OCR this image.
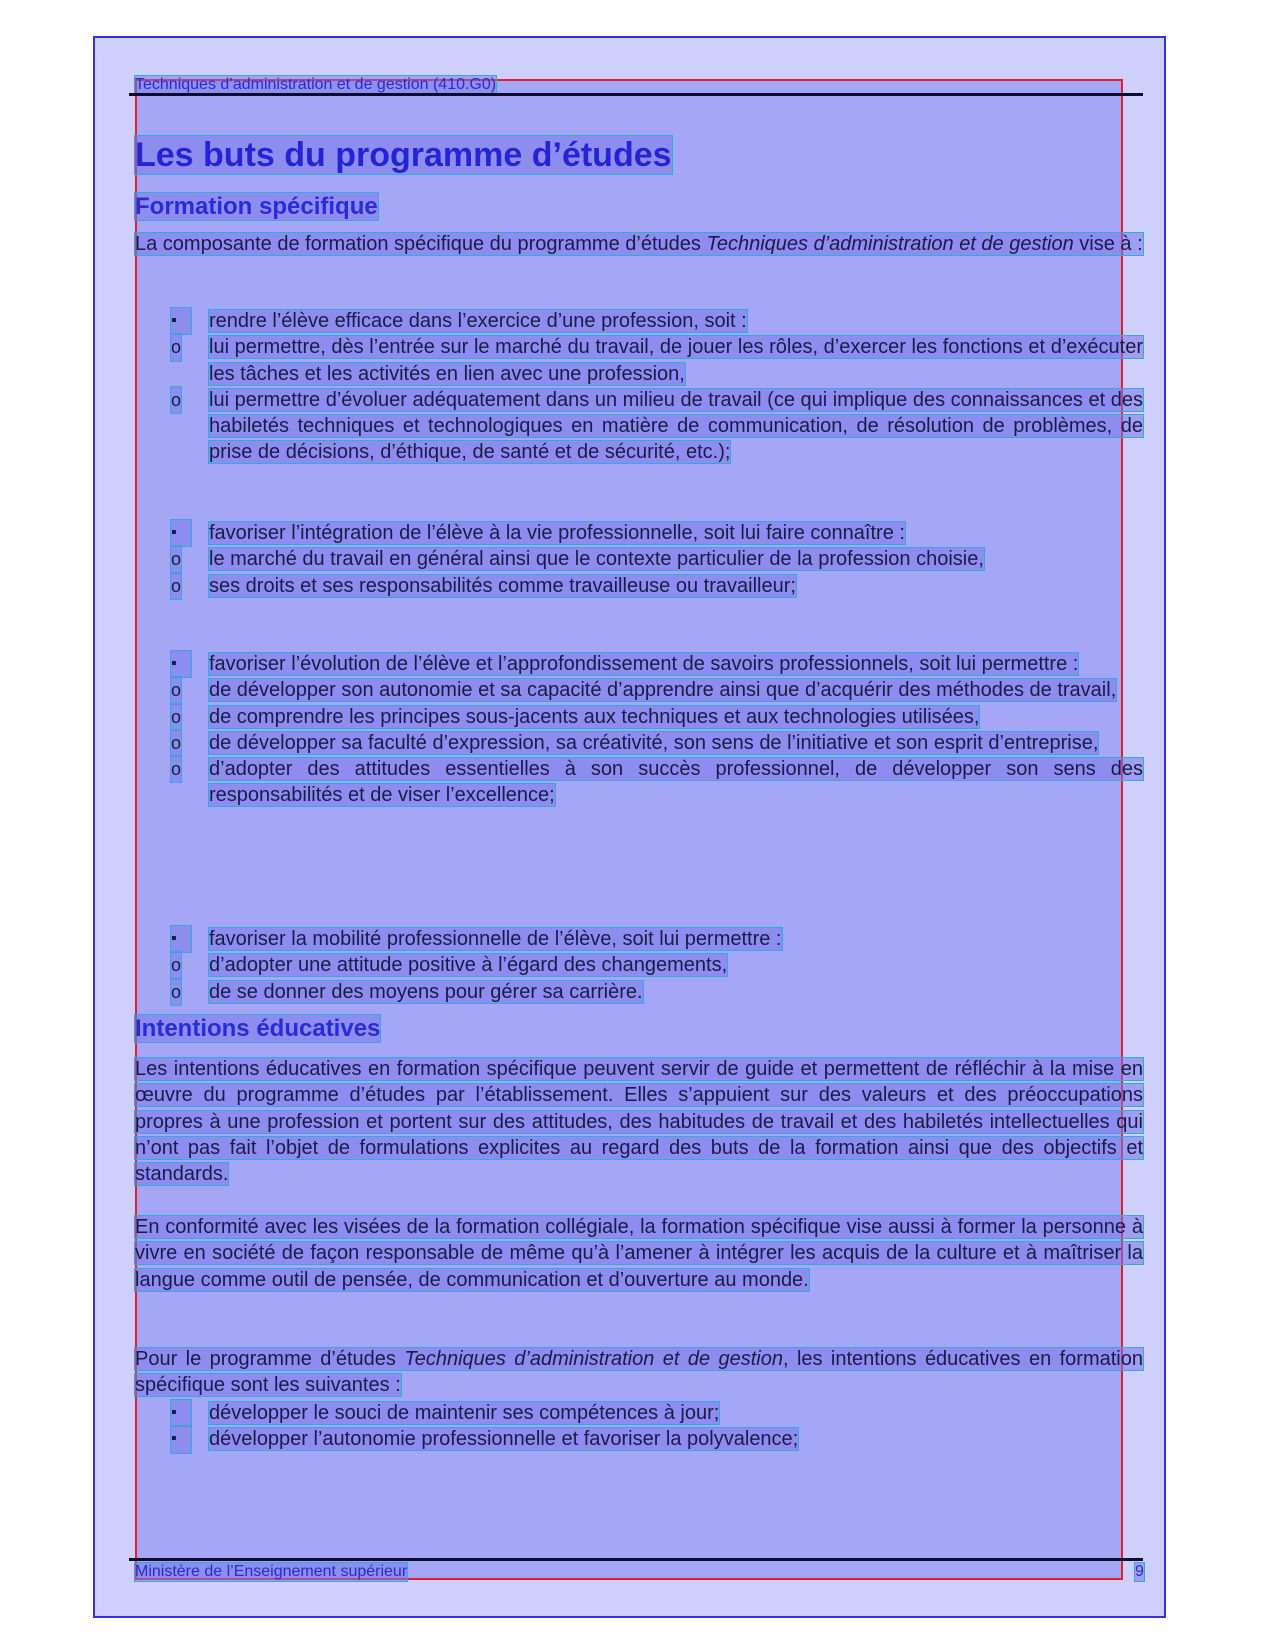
Techniques d’administration et de gestion (410.G0)
Les buts du programme d’études
Formation spécifique

La composante de formation spécifique du programme d’études Techniques d’administration et de gestion vise à :

▪	rendre l’élève efficace dans l’exercice d’une profession, soit :
o lui permettre, dès l’entrée sur le marché du travail, de jouer les rôles, d’exercer les fonctions et d’exécuter les tâches et les activités en lien avec une profession,
o lui permettre d’évoluer adéquatement dans un milieu de travail (ce qui implique des connaissances et des habiletés techniques et technologiques en matière de communication, de résolution de problèmes, de prise de décisions, d’éthique, de santé et de sécurité, etc.);
▪	favoriser l’intégration de l’élève à la vie professionnelle, soit lui faire connaître :
o le marché du travail en général ainsi que le contexte particulier de la profession choisie,
o ses droits et ses responsabilités comme travailleuse ou travailleur;
▪	favoriser l’évolution de l’élève et l’approfondissement de savoirs professionnels, soit lui permettre :
o de développer son autonomie et sa capacité d’apprendre ainsi que d’acquérir des méthodes de travail,
o de comprendre les principes sous-jacents aux techniques et aux technologies utilisées,
o de développer sa faculté d’expression, sa créativité, son sens de l’initiative et son esprit d’entreprise,
o d’adopter des attitudes essentielles à son succès professionnel, de développer son sens des responsabilités et de viser l’excellence;
▪	favoriser la mobilité professionnelle de l’élève, soit lui permettre :
o d’adopter une attitude positive à l’égard des changements,
o de se donner des moyens pour gérer sa carrière.
Intentions éducatives

Les intentions éducatives en formation spécifique peuvent servir de guide et permettent de réfléchir à la mise en œuvre du programme d’études par l’établissement. Elles s’appuient sur des valeurs et des préoccupations propres à une profession et portent sur des attitudes, des habitudes de travail et des habiletés intellectuelles qui n’ont pas fait l’objet de formulations explicites au regard des buts de la formation ainsi que des objectifs et standards.

En conformité avec les visées de la formation collégiale, la formation spécifique vise aussi à former la personne à vivre en société de façon responsable de même qu’à l’amener à intégrer les acquis de la culture et à maîtriser la langue comme outil de pensée, de communication et d’ouverture au monde.

Pour le programme d’études Techniques d’administration et de gestion, les intentions éducatives en formation spécifique sont les suivantes :

▪	développer le souci de maintenir ses compétences à jour;
▪	développer l’autonomie professionnelle et favoriser la polyvalence;
Ministère de l’Enseignement supérieur	9
